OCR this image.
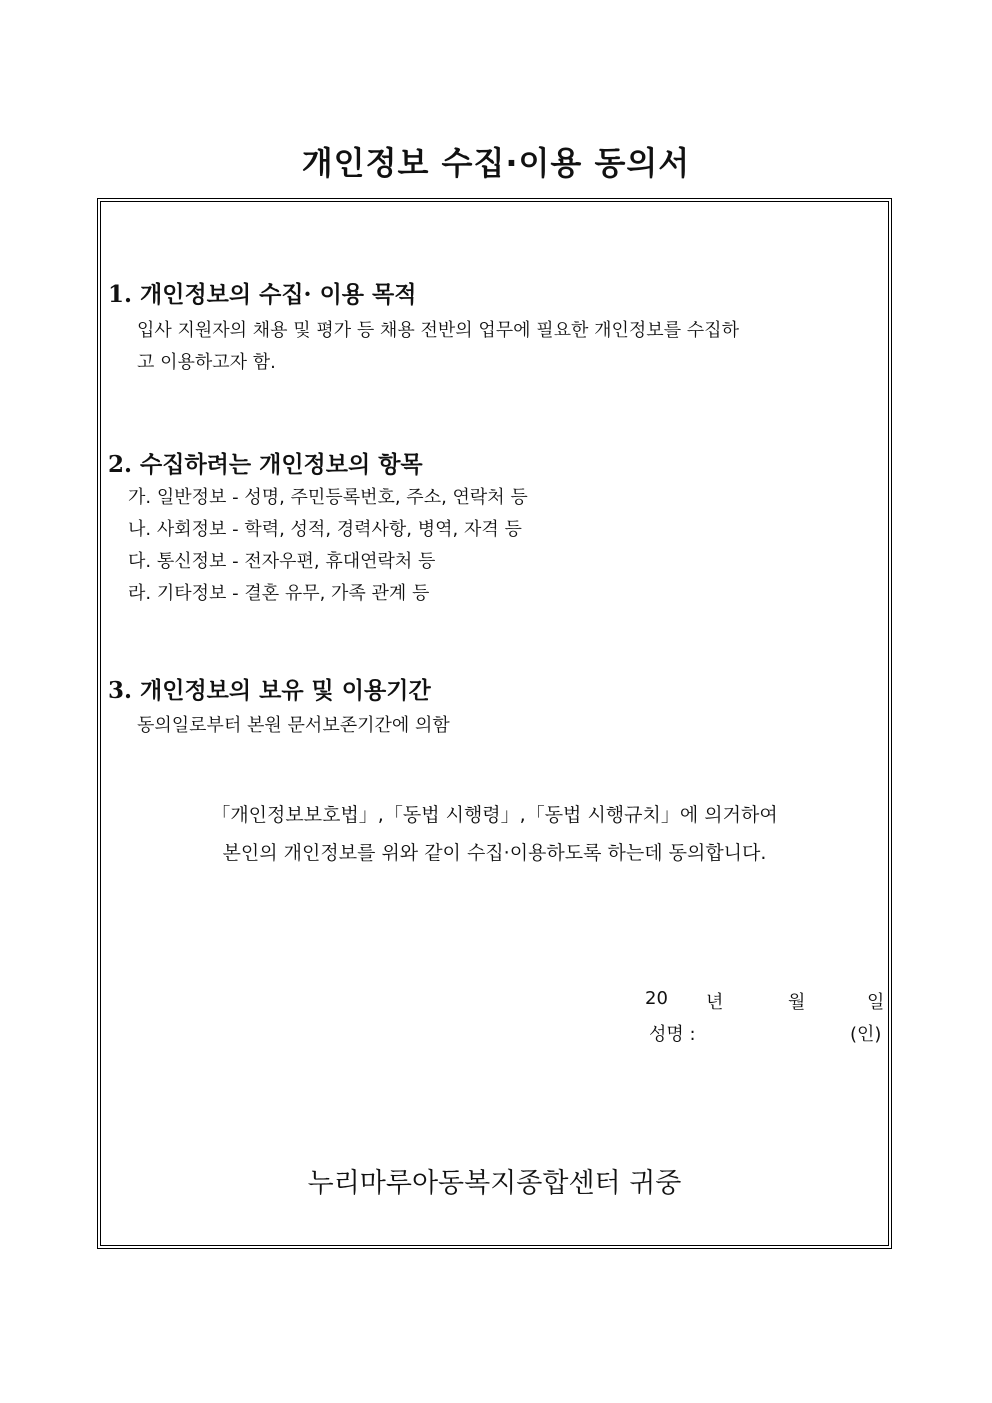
개인정보 수집·이용 동의서
1. 개인정보의 수집· 이용 목적
입사 지원자의 채용 및 평가 등 채용 전반의 업무에 필요한 개인정보를 수집하
고 이용하고자 함.
2. 수집하려는 개인정보의 항목
가. 일반정보 - 성명, 주민등록번호, 주소, 연락처 등
나. 사회정보 - 학력, 성적, 경력사항, 병역, 자격 등
다. 통신정보 - 전자우편, 휴대연락처 등
라. 기타정보 - 결혼 유무, 가족 관계 등
3. 개인정보의 보유 및 이용기간
동의일로부터 본원 문서보존기간에 의함
「개인정보보호법」,「동법 시행령」,「동법 시행규치」에 의거하여
본인의 개인정보를 위와 같이 수집·이용하도록 하는데 동의합니다.
20 년	월	일
성명 :	(인)
누리마루아동복지종합센터 귀중
